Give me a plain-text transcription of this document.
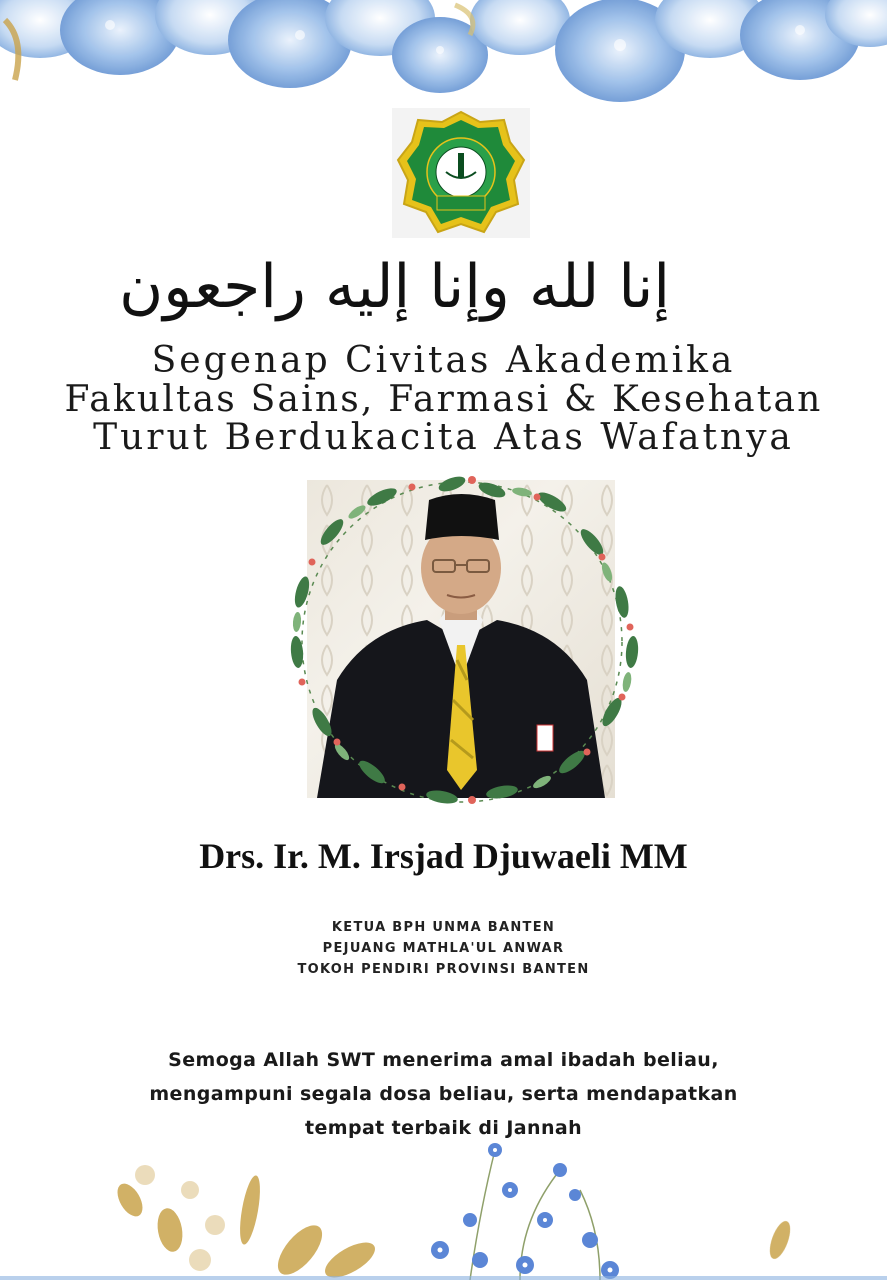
إنا لله وإنا إليه راجعون
Segenap Civitas Akademika
Fakultas Sains, Farmasi & Kesehatan
Turut Berdukacita Atas Wafatnya
Drs. Ir. M. Irsjad Djuwaeli MM
KETUA BPH UNMA BANTEN
PEJUANG MATHLA'UL ANWAR
TOKOH PENDIRI PROVINSI BANTEN
Semoga Allah SWT menerima amal ibadah beliau,
mengampuni segala dosa beliau, serta mendapatkan
tempat terbaik di Jannah
